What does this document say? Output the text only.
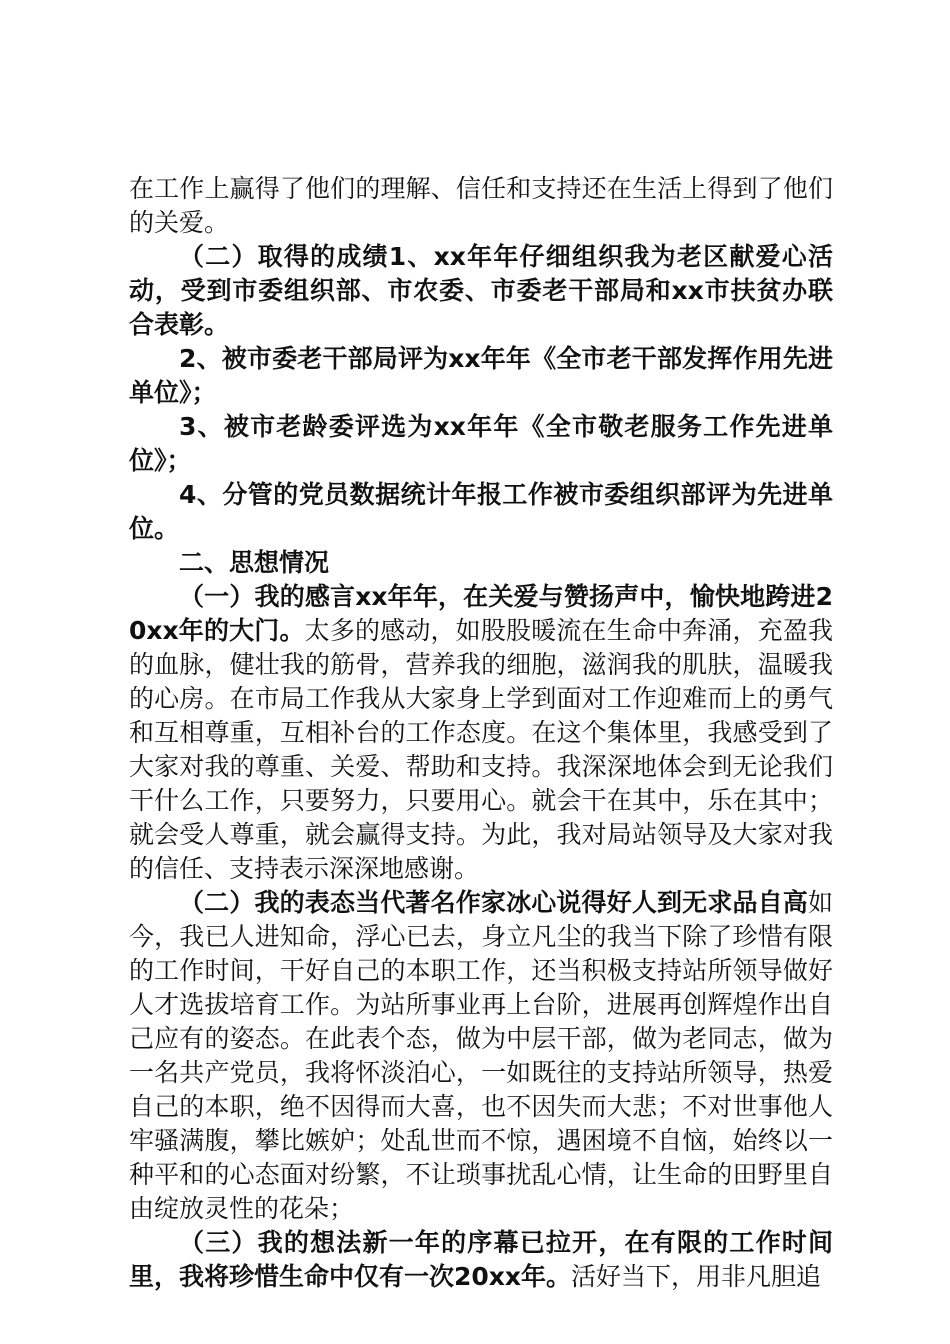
在工作上赢得了他们的理解、信任和支持还在生活上得到了他们的关爱。

（二）取得的成绩1、xx年年仔细组织我为老区献爱心活动，受到市委组织部、市农委、市委老干部局和xx市扶贫办联合表彰。

2、被市委老干部局评为xx年年《全市老干部发挥作用先进单位》；

3、被市老龄委评选为xx年年《全市敬老服务工作先进单位》；

4、分管的党员数据统计年报工作被市委组织部评为先进单位。

二、思想情况

（一）我的感言xx年年，在关爱与赞扬声中，愉快地跨进20xx年的大门。太多的感动，如股股暖流在生命中奔涌，充盈我的血脉，健壮我的筋骨，营养我的细胞，滋润我的肌肤，温暖我的心房。在市局工作我从大家身上学到面对工作迎难而上的勇气和互相尊重，互相补台的工作态度。在这个集体里，我感受到了大家对我的尊重、关爱、帮助和支持。我深深地体会到无论我们干什么工作，只要努力，只要用心。就会干在其中，乐在其中；就会受人尊重，就会赢得支持。为此，我对局站领导及大家对我的信任、支持表示深深地感谢。

（二）我的表态当代著名作家冰心说得好人到无求品自高如今，我已人进知命，浮心已去，身立凡尘的我当下除了珍惜有限的工作时间，干好自己的本职工作，还当积极支持站所领导做好人才选拔培育工作。为站所事业再上台阶，进展再创辉煌作出自己应有的姿态。在此表个态，做为中层干部，做为老同志，做为一名共产党员，我将怀淡泊心，一如既往的支持站所领导，热爱自己的本职，绝不因得而大喜，也不因失而大悲；不对世事他人牢骚满腹，攀比嫉妒；处乱世而不惊，遇困境不自恼，始终以一种平和的心态面对纷繁，不让琐事扰乱心情，让生命的田野里自由绽放灵性的花朵；

（三）我的想法新一年的序幕已拉开，在有限的工作时间里，我将珍惜生命中仅有一次20xx年。活好当下，用非凡胆追
